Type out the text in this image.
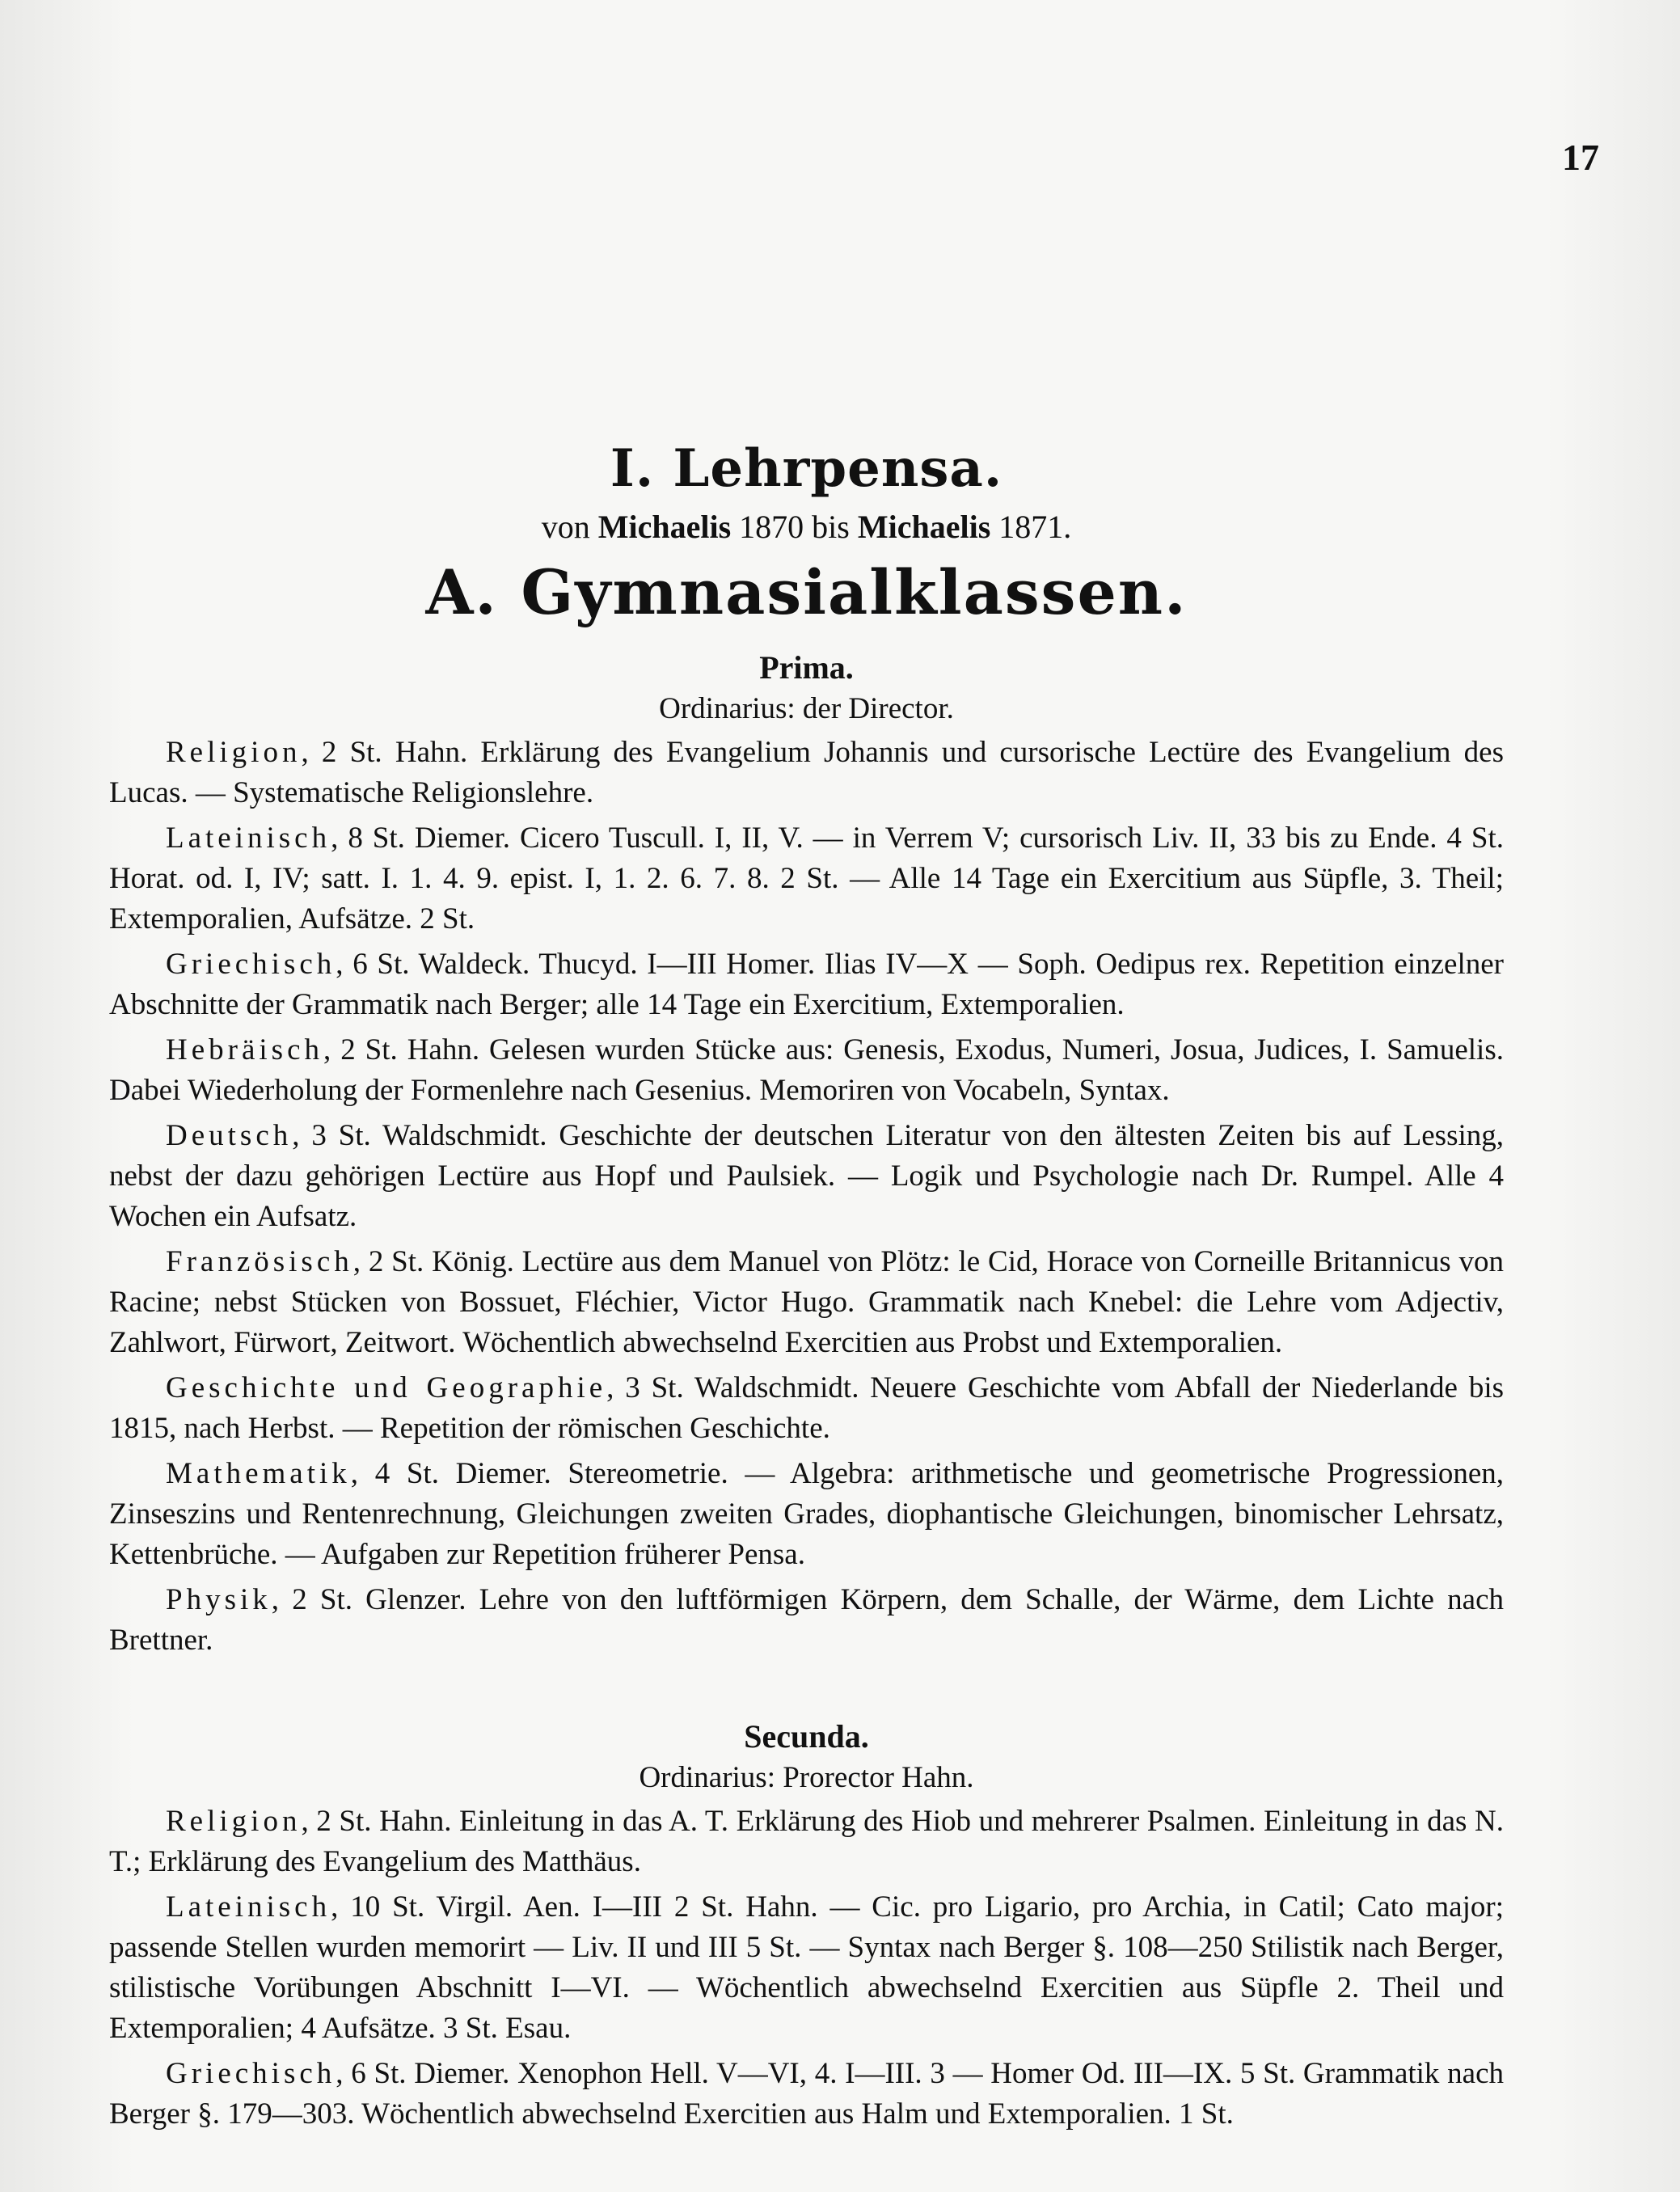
17
I. Lehrpensa.
von Michaelis 1870 bis Michaelis 1871.
A. Gymnasialklassen.
Prima.
Ordinarius: der Director.

Religion, 2 St. Hahn. Erklärung des Evangelium Johannis und cursorische Lectüre des Evangelium des Lucas. — Systematische Religionslehre.

Lateinisch, 8 St. Diemer. Cicero Tuscull. I, II, V. — in Verrem V; cursorisch Liv. II, 33 bis zu Ende. 4 St. Horat. od. I, IV; satt. I. 1. 4. 9. epist. I, 1. 2. 6. 7. 8. 2 St. — Alle 14 Tage ein Exercitium aus Süpfle, 3. Theil; Extemporalien, Aufsätze. 2 St.

Griechisch, 6 St. Waldeck. Thucyd. I—III Homer. Ilias IV—X — Soph. Oedipus rex. Repetition einzelner Abschnitte der Grammatik nach Berger; alle 14 Tage ein Exercitium, Extemporalien.

Hebräisch, 2 St. Hahn. Gelesen wurden Stücke aus: Genesis, Exodus, Numeri, Josua, Judices, I. Samuelis. Dabei Wiederholung der Formenlehre nach Gesenius. Memoriren von Vocabeln, Syntax.

Deutsch, 3 St. Waldschmidt. Geschichte der deutschen Literatur von den ältesten Zeiten bis auf Lessing, nebst der dazu gehörigen Lectüre aus Hopf und Paulsiek. — Logik und Psychologie nach Dr. Rumpel. Alle 4 Wochen ein Aufsatz.

Französisch, 2 St. König. Lectüre aus dem Manuel von Plötz: le Cid, Horace von Corneille Britannicus von Racine; nebst Stücken von Bossuet, Fléchier, Victor Hugo. Grammatik nach Knebel: die Lehre vom Adjectiv, Zahlwort, Fürwort, Zeitwort. Wöchentlich abwechselnd Exercitien aus Probst und Extemporalien.

Geschichte und Geographie, 3 St. Waldschmidt. Neuere Geschichte vom Abfall der Niederlande bis 1815, nach Herbst. — Repetition der römischen Geschichte.

Mathematik, 4 St. Diemer. Stereometrie. — Algebra: arithmetische und geometrische Progressionen, Zinseszins und Rentenrechnung, Gleichungen zweiten Grades, diophantische Gleichungen, binomischer Lehrsatz, Kettenbrüche. — Aufgaben zur Repetition früherer Pensa.

Physik, 2 St. Glenzer. Lehre von den luftförmigen Körpern, dem Schalle, der Wärme, dem Lichte nach Brettner.

Secunda.
Ordinarius: Prorector Hahn.

Religion, 2 St. Hahn. Einleitung in das A. T. Erklärung des Hiob und mehrerer Psalmen. Einleitung in das N. T.; Erklärung des Evangelium des Matthäus.

Lateinisch, 10 St. Virgil. Aen. I—III 2 St. Hahn. — Cic. pro Ligario, pro Archia, in Catil; Cato major; passende Stellen wurden memorirt — Liv. II und III 5 St. — Syntax nach Berger §. 108—250 Stilistik nach Berger, stilistische Vorübungen Abschnitt I—VI. — Wöchentlich abwechselnd Exercitien aus Süpfle 2. Theil und Extemporalien; 4 Aufsätze. 3 St. Esau.

Griechisch, 6 St. Diemer. Xenophon Hell. V—VI, 4. I—III. 3 — Homer Od. III—IX. 5 St. Grammatik nach Berger §. 179—303. Wöchentlich abwechselnd Exercitien aus Halm und Extemporalien. 1 St.
